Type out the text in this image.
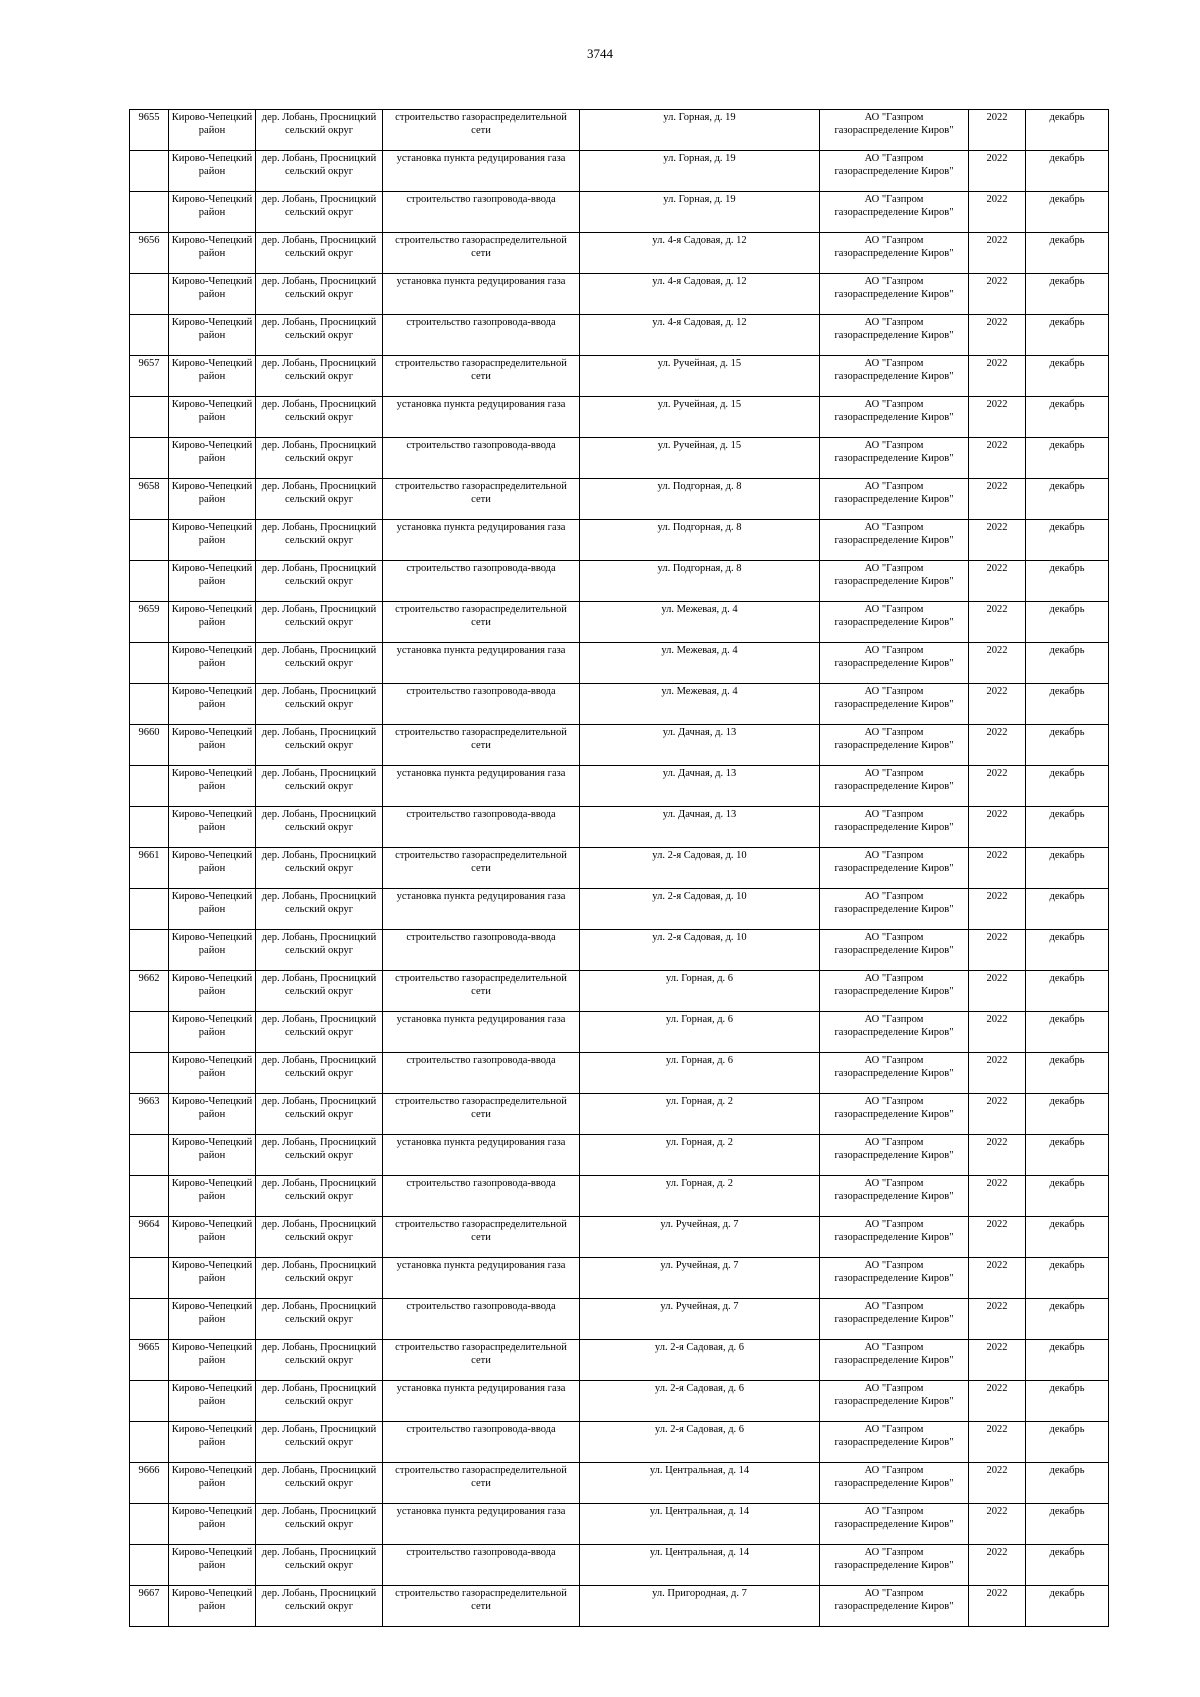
3744
9655	Кирово-Чепецкий район	дер. Лобань, Просницкий сельский округ	строительство газораспределительной сети	ул. Горная, д. 19	АО "Газпром газораспределение Киров"	2022	декабрь
	Кирово-Чепецкий район	дер. Лобань, Просницкий сельский округ	установка пункта редуцирования газа	ул. Горная, д. 19	АО "Газпром газораспределение Киров"	2022	декабрь
	Кирово-Чепецкий район	дер. Лобань, Просницкий сельский округ	строительство газопровода-ввода	ул. Горная, д. 19	АО "Газпром газораспределение Киров"	2022	декабрь
9656	Кирово-Чепецкий район	дер. Лобань, Просницкий сельский округ	строительство газораспределительной сети	ул. 4-я Садовая, д. 12	АО "Газпром газораспределение Киров"	2022	декабрь
	Кирово-Чепецкий район	дер. Лобань, Просницкий сельский округ	установка пункта редуцирования газа	ул. 4-я Садовая, д. 12	АО "Газпром газораспределение Киров"	2022	декабрь
	Кирово-Чепецкий район	дер. Лобань, Просницкий сельский округ	строительство газопровода-ввода	ул. 4-я Садовая, д. 12	АО "Газпром газораспределение Киров"	2022	декабрь
9657	Кирово-Чепецкий район	дер. Лобань, Просницкий сельский округ	строительство газораспределительной сети	ул. Ручейная, д. 15	АО "Газпром газораспределение Киров"	2022	декабрь
	Кирово-Чепецкий район	дер. Лобань, Просницкий сельский округ	установка пункта редуцирования газа	ул. Ручейная, д. 15	АО "Газпром газораспределение Киров"	2022	декабрь
	Кирово-Чепецкий район	дер. Лобань, Просницкий сельский округ	строительство газопровода-ввода	ул. Ручейная, д. 15	АО "Газпром газораспределение Киров"	2022	декабрь
9658	Кирово-Чепецкий район	дер. Лобань, Просницкий сельский округ	строительство газораспределительной сети	ул. Подгорная, д. 8	АО "Газпром газораспределение Киров"	2022	декабрь
	Кирово-Чепецкий район	дер. Лобань, Просницкий сельский округ	установка пункта редуцирования газа	ул. Подгорная, д. 8	АО "Газпром газораспределение Киров"	2022	декабрь
	Кирово-Чепецкий район	дер. Лобань, Просницкий сельский округ	строительство газопровода-ввода	ул. Подгорная, д. 8	АО "Газпром газораспределение Киров"	2022	декабрь
9659	Кирово-Чепецкий район	дер. Лобань, Просницкий сельский округ	строительство газораспределительной сети	ул. Межевая, д. 4	АО "Газпром газораспределение Киров"	2022	декабрь
	Кирово-Чепецкий район	дер. Лобань, Просницкий сельский округ	установка пункта редуцирования газа	ул. Межевая, д. 4	АО "Газпром газораспределение Киров"	2022	декабрь
	Кирово-Чепецкий район	дер. Лобань, Просницкий сельский округ	строительство газопровода-ввода	ул. Межевая, д. 4	АО "Газпром газораспределение Киров"	2022	декабрь
9660	Кирово-Чепецкий район	дер. Лобань, Просницкий сельский округ	строительство газораспределительной сети	ул. Дачная, д. 13	АО "Газпром газораспределение Киров"	2022	декабрь
	Кирово-Чепецкий район	дер. Лобань, Просницкий сельский округ	установка пункта редуцирования газа	ул. Дачная, д. 13	АО "Газпром газораспределение Киров"	2022	декабрь
	Кирово-Чепецкий район	дер. Лобань, Просницкий сельский округ	строительство газопровода-ввода	ул. Дачная, д. 13	АО "Газпром газораспределение Киров"	2022	декабрь
9661	Кирово-Чепецкий район	дер. Лобань, Просницкий сельский округ	строительство газораспределительной сети	ул. 2-я Садовая, д. 10	АО "Газпром газораспределение Киров"	2022	декабрь
	Кирово-Чепецкий район	дер. Лобань, Просницкий сельский округ	установка пункта редуцирования газа	ул. 2-я Садовая, д. 10	АО "Газпром газораспределение Киров"	2022	декабрь
	Кирово-Чепецкий район	дер. Лобань, Просницкий сельский округ	строительство газопровода-ввода	ул. 2-я Садовая, д. 10	АО "Газпром газораспределение Киров"	2022	декабрь
9662	Кирово-Чепецкий район	дер. Лобань, Просницкий сельский округ	строительство газораспределительной сети	ул. Горная, д. 6	АО "Газпром газораспределение Киров"	2022	декабрь
	Кирово-Чепецкий район	дер. Лобань, Просницкий сельский округ	установка пункта редуцирования газа	ул. Горная, д. 6	АО "Газпром газораспределение Киров"	2022	декабрь
	Кирово-Чепецкий район	дер. Лобань, Просницкий сельский округ	строительство газопровода-ввода	ул. Горная, д. 6	АО "Газпром газораспределение Киров"	2022	декабрь
9663	Кирово-Чепецкий район	дер. Лобань, Просницкий сельский округ	строительство газораспределительной сети	ул. Горная, д. 2	АО "Газпром газораспределение Киров"	2022	декабрь
	Кирово-Чепецкий район	дер. Лобань, Просницкий сельский округ	установка пункта редуцирования газа	ул. Горная, д. 2	АО "Газпром газораспределение Киров"	2022	декабрь
	Кирово-Чепецкий район	дер. Лобань, Просницкий сельский округ	строительство газопровода-ввода	ул. Горная, д. 2	АО "Газпром газораспределение Киров"	2022	декабрь
9664	Кирово-Чепецкий район	дер. Лобань, Просницкий сельский округ	строительство газораспределительной сети	ул. Ручейная, д. 7	АО "Газпром газораспределение Киров"	2022	декабрь
	Кирово-Чепецкий район	дер. Лобань, Просницкий сельский округ	установка пункта редуцирования газа	ул. Ручейная, д. 7	АО "Газпром газораспределение Киров"	2022	декабрь
	Кирово-Чепецкий район	дер. Лобань, Просницкий сельский округ	строительство газопровода-ввода	ул. Ручейная, д. 7	АО "Газпром газораспределение Киров"	2022	декабрь
9665	Кирово-Чепецкий район	дер. Лобань, Просницкий сельский округ	строительство газораспределительной сети	ул. 2-я Садовая, д. 6	АО "Газпром газораспределение Киров"	2022	декабрь
	Кирово-Чепецкий район	дер. Лобань, Просницкий сельский округ	установка пункта редуцирования газа	ул. 2-я Садовая, д. 6	АО "Газпром газораспределение Киров"	2022	декабрь
	Кирово-Чепецкий район	дер. Лобань, Просницкий сельский округ	строительство газопровода-ввода	ул. 2-я Садовая, д. 6	АО "Газпром газораспределение Киров"	2022	декабрь
9666	Кирово-Чепецкий район	дер. Лобань, Просницкий сельский округ	строительство газораспределительной сети	ул. Центральная, д. 14	АО "Газпром газораспределение Киров"	2022	декабрь
	Кирово-Чепецкий район	дер. Лобань, Просницкий сельский округ	установка пункта редуцирования газа	ул. Центральная, д. 14	АО "Газпром газораспределение Киров"	2022	декабрь
	Кирово-Чепецкий район	дер. Лобань, Просницкий сельский округ	строительство газопровода-ввода	ул. Центральная, д. 14	АО "Газпром газораспределение Киров"	2022	декабрь
9667	Кирово-Чепецкий район	дер. Лобань, Просницкий сельский округ	строительство газораспределительной сети	ул. Пригородная, д. 7	АО "Газпром газораспределение Киров"	2022	декабрь
